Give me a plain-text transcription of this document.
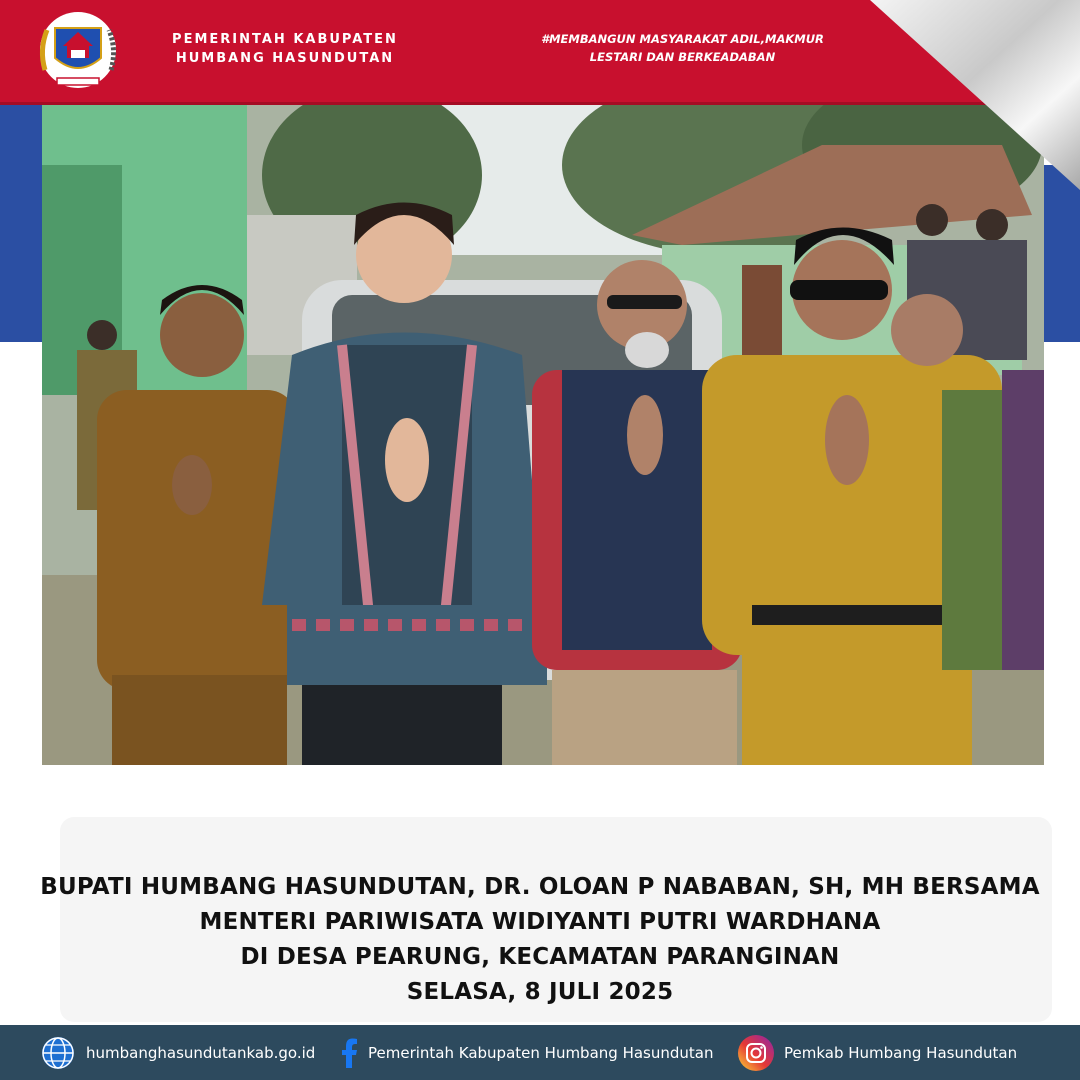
PEMERINTAH KABUPATEN
HUMBANG HASUNDUTAN
#MEMBANGUN MASYARAKAT ADIL,MAKMUR
LESTARI DAN BERKEADABAN
BUPATI HUMBANG HASUNDUTAN, DR. OLOAN P NABABAN, SH, MH BERSAMA
MENTERI PARIWISATA WIDIYANTI PUTRI WARDHANA
DI DESA PEARUNG, KECAMATAN PARANGINAN
SELASA, 8 JULI 2025
humbanghasundutankab.go.id	Pemerintah Kabupaten Humbang Hasundutan	Pemkab Humbang Hasundutan
